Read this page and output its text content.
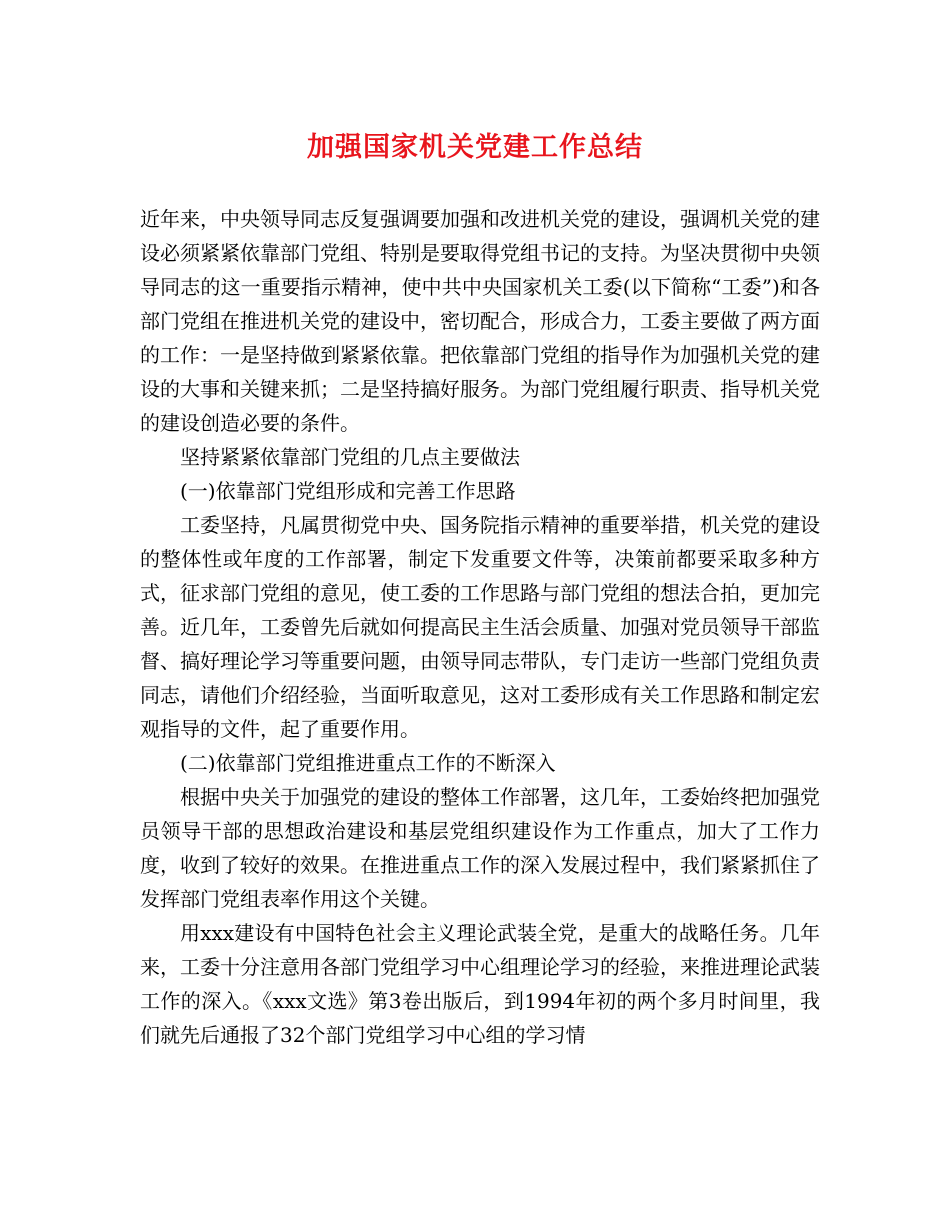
加强国家机关党建工作总结

近年来，中央领导同志反复强调要加强和改进机关党的建设，强调机关党的建设必须紧紧依靠部门党组、特别是要取得党组书记的支持。为坚决贯彻中央领导同志的这一重要指示精神，使中共中央国家机关工委(以下简称“工委”)和各部门党组在推进机关党的建设中，密切配合，形成合力，工委主要做了两方面的工作：一是坚持做到紧紧依靠。把依靠部门党组的指导作为加强机关党的建设的大事和关键来抓；二是坚持搞好服务。为部门党组履行职责、指导机关党的建设创造必要的条件。

坚持紧紧依靠部门党组的几点主要做法

(一)依靠部门党组形成和完善工作思路

工委坚持，凡属贯彻党中央、国务院指示精神的重要举措，机关党的建设的整体性或年度的工作部署，制定下发重要文件等，决策前都要采取多种方式，征求部门党组的意见，使工委的工作思路与部门党组的想法合拍，更加完善。近几年，工委曾先后就如何提高民主生活会质量、加强对党员领导干部监督、搞好理论学习等重要问题，由领导同志带队，专门走访一些部门党组负责同志，请他们介绍经验，当面听取意见，这对工委形成有关工作思路和制定宏观指导的文件，起了重要作用。

(二)依靠部门党组推进重点工作的不断深入

根据中央关于加强党的建设的整体工作部署，这几年，工委始终把加强党员领导干部的思想政治建设和基层党组织建设作为工作重点，加大了工作力度，收到了较好的效果。在推进重点工作的深入发展过程中，我们紧紧抓住了发挥部门党组表率作用这个关键。

用xxx建设有中国特色社会主义理论武装全党，是重大的战略任务。几年来，工委十分注意用各部门党组学习中心组理论学习的经验，来推进理论武装工作的深入。《xxx文选》第3卷出版后，到1994年初的两个多月时间里，我们就先后通报了32个部门党组学习中心组的学习情
